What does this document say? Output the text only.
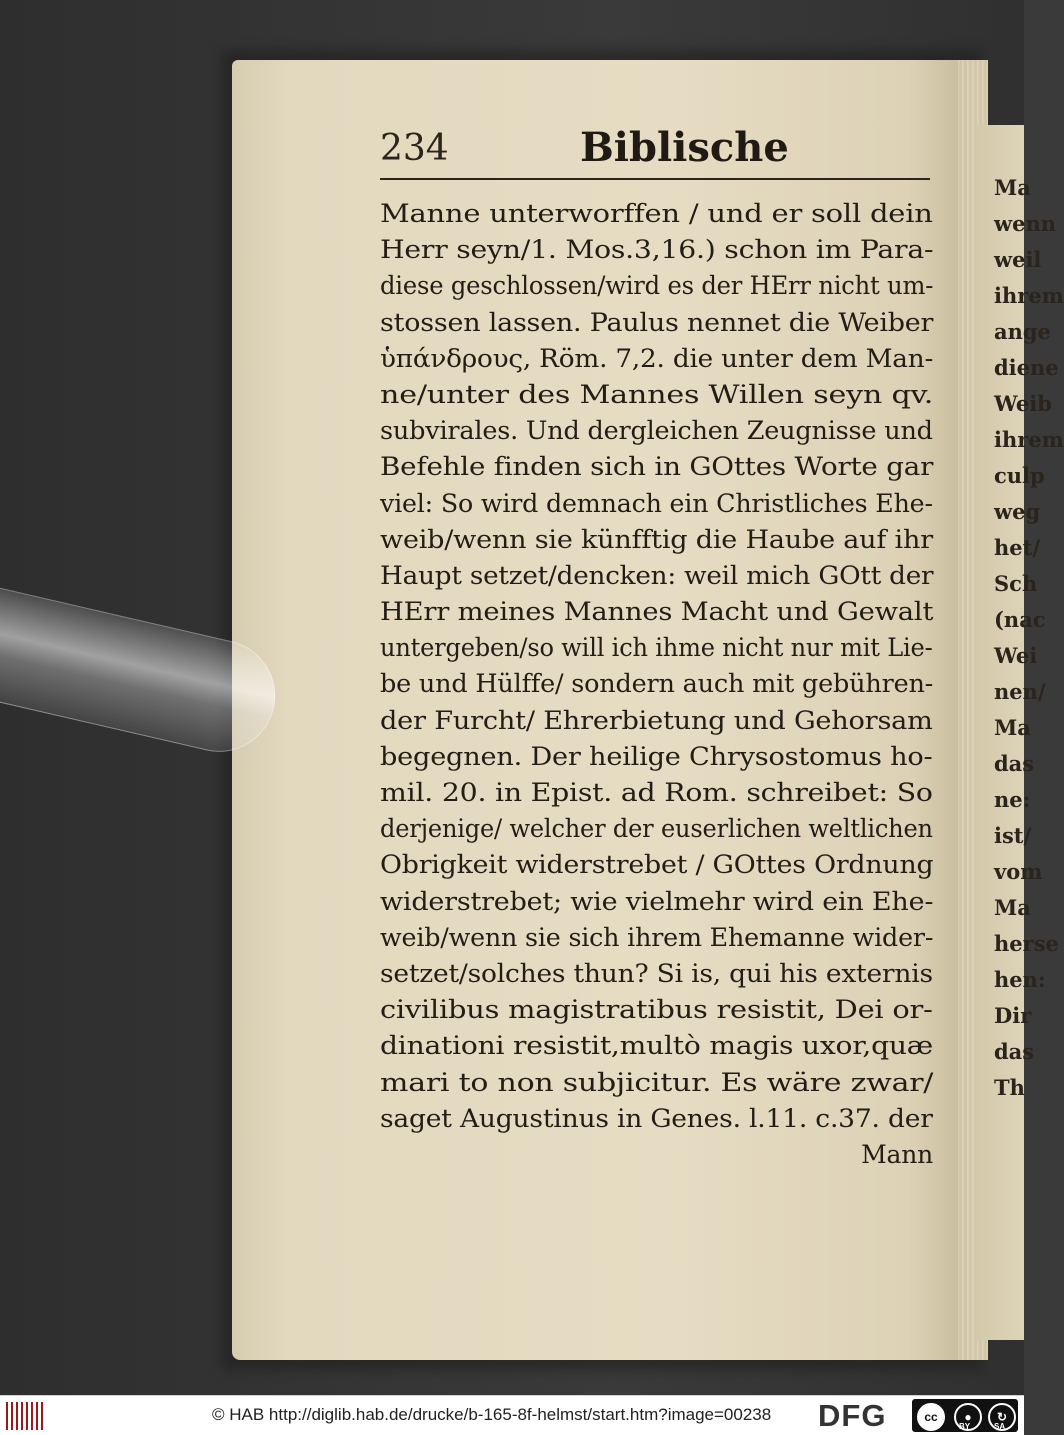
Ma
wenn
weil
ihrem
ange
diene
Weib
ihrem
culp
weg
het/
Sch
(nac
Wei
nen/
Ma
das
ne:
ist/
vom
Ma
herse
hen:
Dir
das
Th
234	Biblische
Manne unterworffen / und er soll dein
Herr seyn/1. Mos.3,16.) schon im Para-
diese geschlossen/wird es der HErr nicht um-
stossen lassen. Paulus nennet die Weiber
ὑπάνδρους, Röm. 7,2. die unter dem Man-
ne/unter des Mannes Willen seyn qv.
subvirales. Und dergleichen Zeugnisse und
Befehle finden sich in GOttes Worte gar
viel: So wird demnach ein Christliches Ehe-
weib/wenn sie künfftig die Haube auf ihr
Haupt setzet/dencken: weil mich GOtt der
HErr meines Mannes Macht und Gewalt
untergeben/so will ich ihme nicht nur mit Lie-
be und Hülffe/ sondern auch mit gebühren-
der Furcht/ Ehrerbietung und Gehorsam
begegnen. Der heilige Chrysostomus ho-
mil. 20. in Epist. ad Rom. schreibet: So
derjenige/ welcher der euserlichen weltlichen
Obrigkeit widerstrebet / GOttes Ordnung
widerstrebet; wie vielmehr wird ein Ehe-
weib/wenn sie sich ihrem Ehemanne wider-
setzet/solches thun? Si is, qui his externis
civilibus magistratibus resistit, Dei or-
dinationi resistit,multò magis uxor,quæ
mari to non subjicitur. Es wäre zwar/
saget Augustinus in Genes. l.11. c.37. der
Mann
© HAB http://diglib.hab.de/drucke/b-165-8f-helmst/start.htm?image=00238 DFG	cc	●	↻
BY	SA
